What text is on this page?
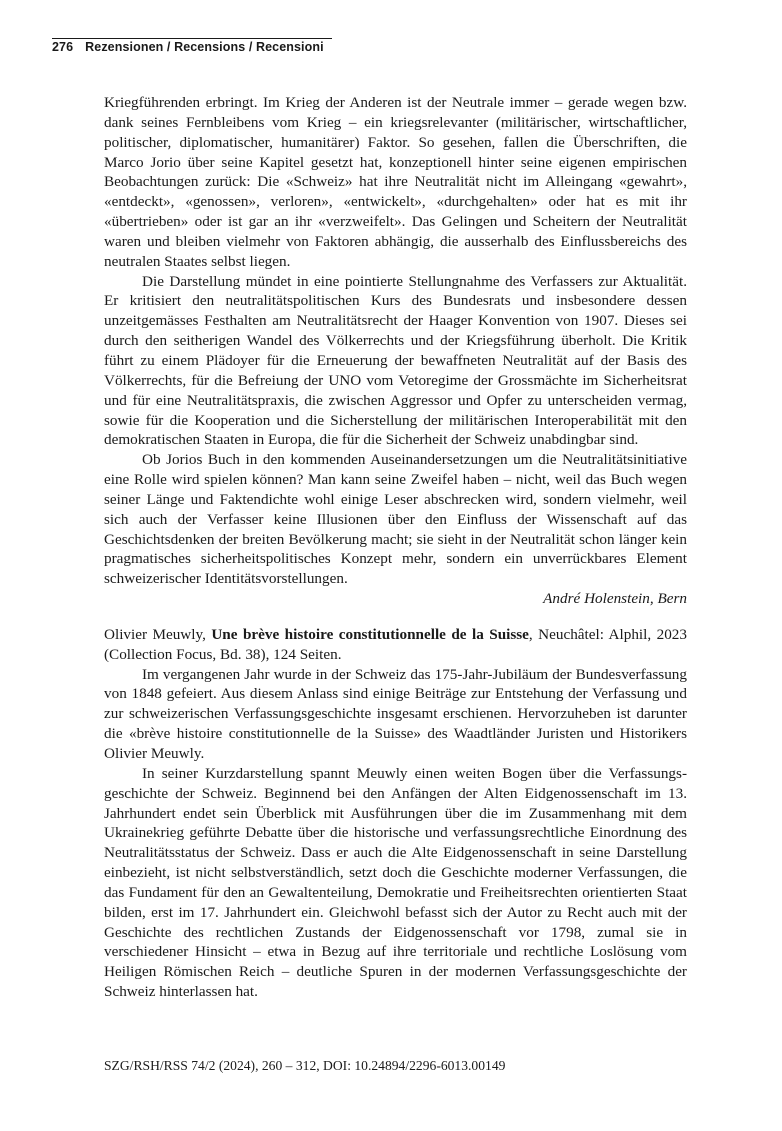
276 Rezensionen / Recensions / Recensioni

Kriegführenden erbringt. Im Krieg der Anderen ist der Neutrale immer – gerade wegen bzw. dank seines Fernbleibens vom Krieg – ein kriegsrelevanter (militärischer, wirtschaftlicher, politischer, diplomatischer, humanitärer) Faktor. So gesehen, fallen die Überschriften, die Marco Jorio über seine Kapitel gesetzt hat, konzeptionell hinter seine eigenen empirischen Beobachtungen zurück: Die «Schweiz» hat ihre Neutralität nicht im Alleingang «gewahrt», «entdeckt», «genossen», verloren», «entwickelt», «durchgehalten» oder hat es mit ihr «übertrieben» oder ist gar an ihr «verzweifelt». Das Gelingen und Scheitern der Neutralität waren und bleiben vielmehr von Faktoren abhängig, die ausserhalb des Einflussbereichs des neutralen Staates selbst liegen.

Die Darstellung mündet in eine pointierte Stellungnahme des Verfassers zur Aktualität. Er kritisiert den neutralitätspolitischen Kurs des Bundesrats und insbesondere dessen unzeitgemässes Festhalten am Neutralitätsrecht der Haager Konvention von 1907. Dieses sei durch den seitherigen Wandel des Völkerrechts und der Kriegsführung überholt. Die Kritik führt zu einem Plädoyer für die Erneuerung der bewaffneten Neutralität auf der Basis des Völkerrechts, für die Befreiung der UNO vom Vetoregime der Grossmächte im Sicherheitsrat und für eine Neutralitätspraxis, die zwischen Aggressor und Opfer zu unterscheiden vermag, sowie für die Kooperation und die Sicherstellung der militärischen Interoperabilität mit den demokratischen Staaten in Europa, die für die Sicherheit der Schweiz unabdingbar sind.

Ob Jorios Buch in den kommenden Auseinandersetzungen um die Neutralitätsinitiative eine Rolle wird spielen können? Man kann seine Zweifel haben – nicht, weil das Buch wegen seiner Länge und Faktendichte wohl einige Leser abschrecken wird, sondern vielmehr, weil sich auch der Verfasser keine Illusionen über den Einfluss der Wissenschaft auf das Geschichtsdenken der breiten Bevölkerung macht; sie sieht in der Neutralität schon länger kein pragmatisches sicherheitspolitisches Konzept mehr, sondern ein unverrückbares Element schweizerischer Identitätsvorstellungen.

André Holenstein, Bern

Olivier Meuwly, Une brève histoire constitutionnelle de la Suisse, Neuchâtel: Alphil, 2023 (Collection Focus, Bd. 38), 124 Seiten.

Im vergangenen Jahr wurde in der Schweiz das 175-Jahr-Jubiläum der Bundesverfassung von 1848 gefeiert. Aus diesem Anlass sind einige Beiträge zur Entstehung der Verfassung und zur schweizerischen Verfassungsgeschichte insgesamt erschienen. Hervorzuheben ist darunter die «brève histoire constitutionnelle de la Suisse» des Waadtländer Juristen und Historikers Olivier Meuwly.

In seiner Kurzdarstellung spannt Meuwly einen weiten Bogen über die Verfassungsgeschichte der Schweiz. Beginnend bei den Anfängen der Alten Eidgenossenschaft im 13. Jahrhundert endet sein Überblick mit Ausführungen über die im Zusammenhang mit dem Ukrainekrieg geführte Debatte über die historische und verfassungsrechtliche Einordnung des Neutralitätsstatus der Schweiz. Dass er auch die Alte Eidgenossenschaft in seine Darstellung einbezieht, ist nicht selbstverständlich, setzt doch die Geschichte moderner Verfassungen, die das Fundament für den an Gewaltenteilung, Demokratie und Freiheitsrechten orientierten Staat bilden, erst im 17. Jahrhundert ein. Gleichwohl befasst sich der Autor zu Recht auch mit der Geschichte des rechtlichen Zustands der Eidgenossenschaft vor 1798, zumal sie in verschiedener Hinsicht – etwa in Bezug auf ihre territoriale und rechtliche Loslösung vom Heiligen Römischen Reich – deutliche Spuren in der modernen Verfassungsgeschichte der Schweiz hinterlassen hat.

SZG/RSH/RSS 74/2 (2024), 260 – 312, DOI: 10.24894/2296-6013.00149
